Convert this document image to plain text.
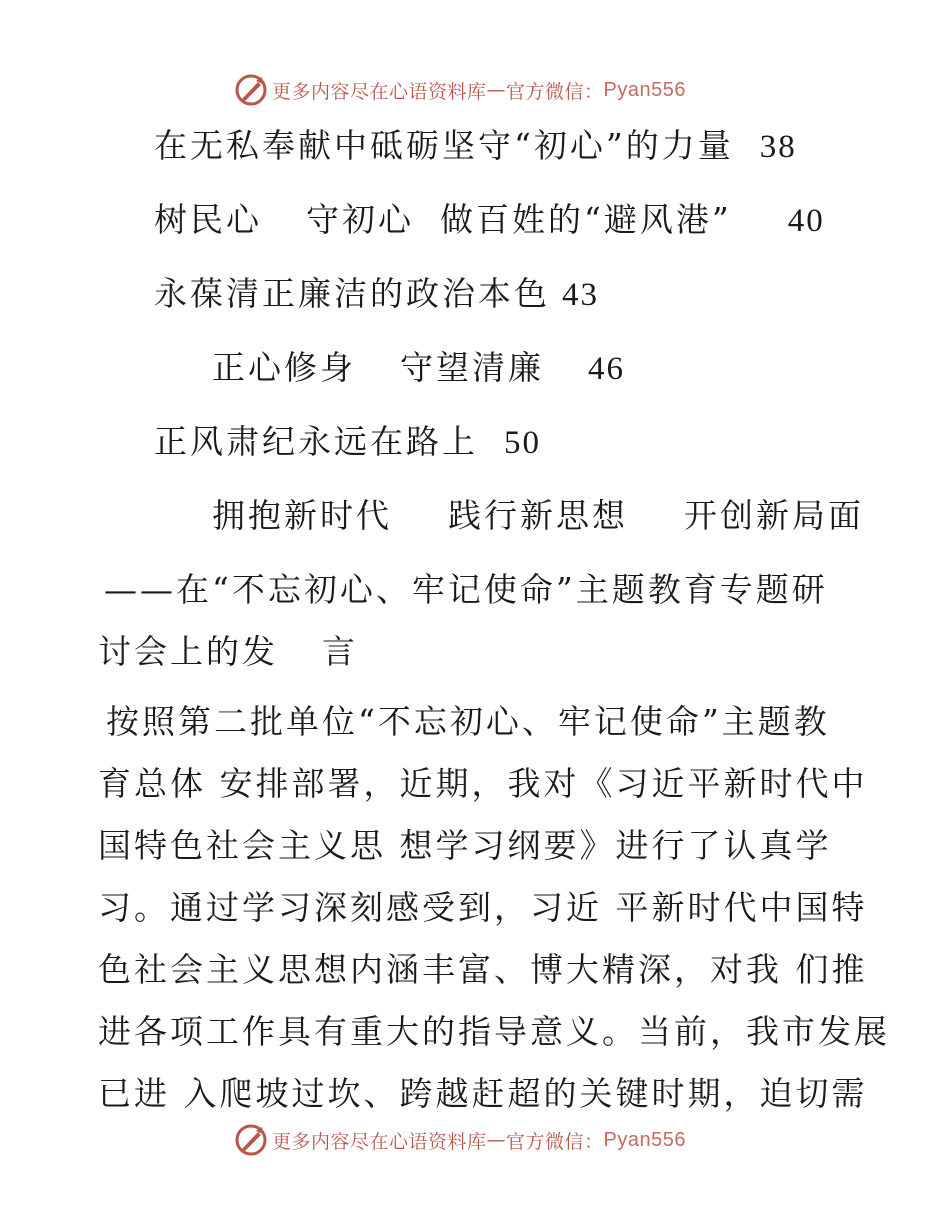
更多内容尽在心语资料库 — 官方微信： Pyan556
在无私奉献中砥砺坚守“初心”的力量 38
树民心 守初心 做百姓的“避风港” 40
永葆清正廉洁的政治本色 43
正心修身 守望清廉 46
正风肃纪永远在路上 50
拥抱新时代 践行新思想 开创新局面
——在“不忘初心、牢记使命”主题教育专题研
讨会上的发 言
按照第二批单位“不忘初心、牢记使命”主题教
育总体 安排部署，近期，我对《习近平新时代中
国特色社会主义思 想学习纲要》进行了认真学
习。通过学习深刻感受到，习近 平新时代中国特
色社会主义思想内涵丰富、博大精深，对我 们推
进各项工作具有重大的指导意义。当前，我市发展
已进 入爬坡过坎、跨越赶超的关键时期，迫切需
更多内容尽在心语资料库 — 官方微信： Pyan556
